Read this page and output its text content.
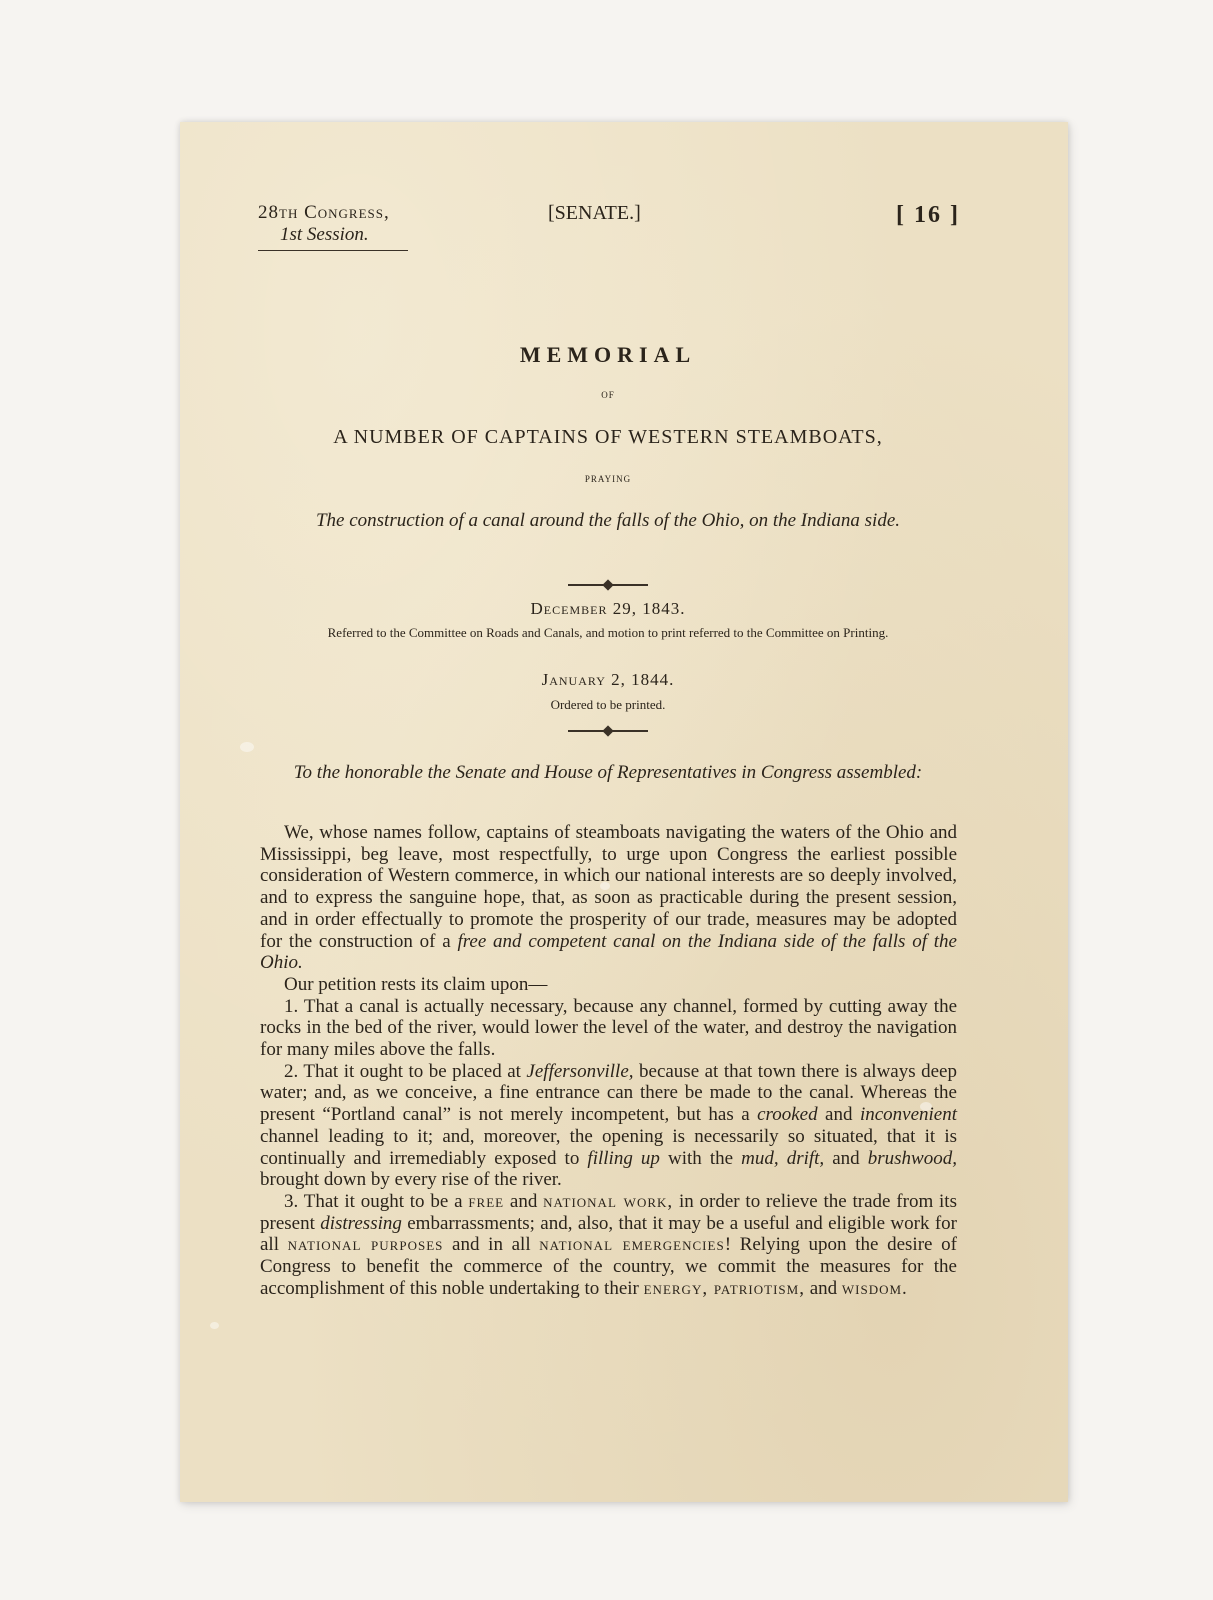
28th Congress,
1st Session.
[SENATE.]	[ 16 ]
MEMORIAL
OF
A NUMBER OF CAPTAINS OF WESTERN STEAMBOATS,
PRAYING
The construction of a canal around the falls of the Ohio, on the Indiana side.
December 29, 1843.
Referred to the Committee on Roads and Canals, and motion to print referred to the Committee on Printing.
January 2, 1844.
Ordered to be printed.
To the honorable the Senate and House of Representatives in Congress assembled:

We, whose names follow, captains of steamboats navigating the waters of the Ohio and Mississippi, beg leave, most respectfully, to urge upon Congress the earliest possible consideration of Western commerce, in which our national interests are so deeply involved, and to express the sanguine hope, that, as soon as practicable during the present session, and in order effectually to promote the prosperity of our trade, measures may be adopted for the construction of a free and competent canal on the Indiana side of the falls of the Ohio.

Our petition rests its claim upon—

1. That a canal is actually necessary, because any channel, formed by cutting away the rocks in the bed of the river, would lower the level of the water, and destroy the navigation for many miles above the falls.

2. That it ought to be placed at Jeffersonville, because at that town there is always deep water; and, as we conceive, a fine entrance can there be made to the canal. Whereas the present “Portland canal” is not merely incompetent, but has a crooked and inconvenient channel leading to it; and, moreover, the opening is necessarily so situated, that it is continually and irremediably exposed to filling up with the mud, drift, and brushwood, brought down by every rise of the river.

3. That it ought to be a free and national work, in order to relieve the trade from its present distressing embarrassments; and, also, that it may be a useful and eligible work for all national purposes and in all national emergencies! Relying upon the desire of Congress to benefit the commerce of the country, we commit the measures for the accomplishment of this noble undertaking to their energy, patriotism, and wisdom.
